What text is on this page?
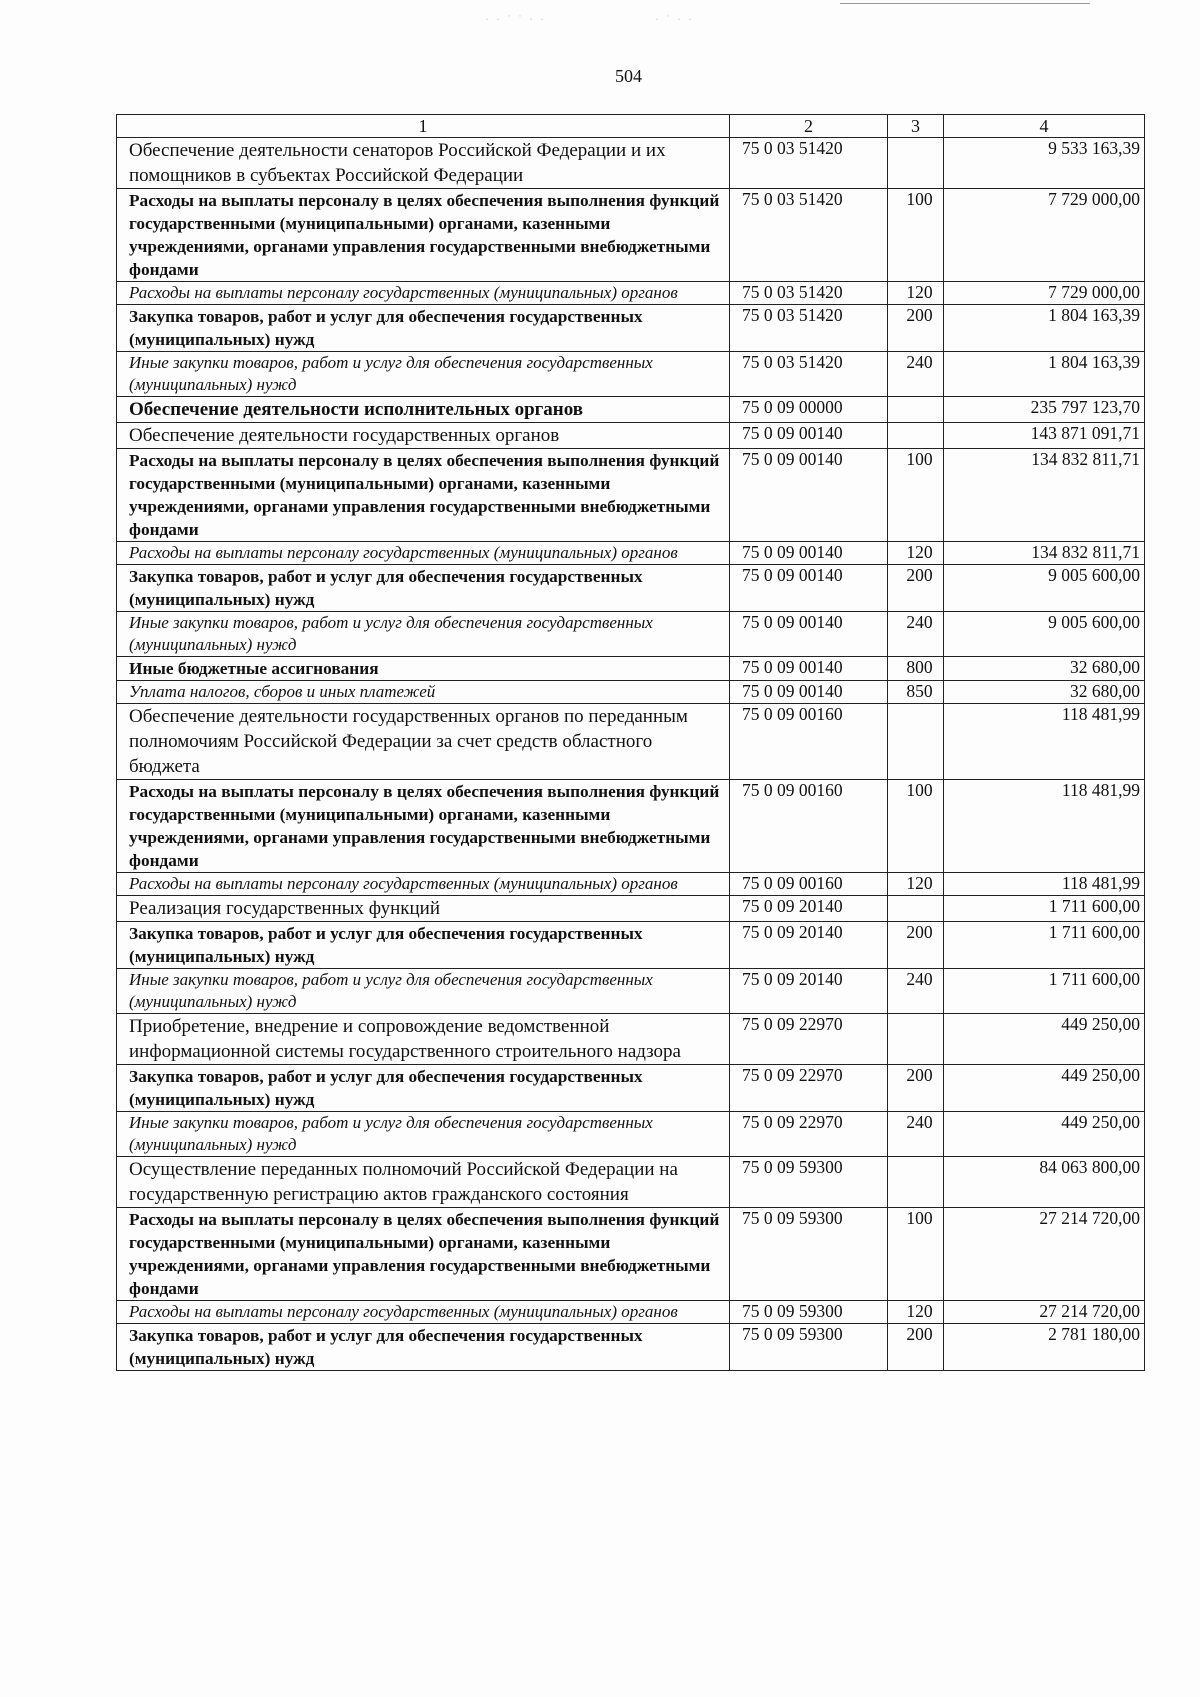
· · ˙ ˙ · ·	· ˙ · ·
504
1	2	3	4
Обеспечение деятельности сенаторов Российской Федерации и их помощников в субъектах Российской Федерации	75 0 03 51420		9 533 163,39
Расходы на выплаты персоналу в целях обеспечения выполнения функций государственными (муниципальными) органами, казенными учреждениями, органами управления государственными внебюджетными фондами	75 0 03 51420	100	7 729 000,00
Расходы на выплаты персоналу государственных (муниципальных) органов	75 0 03 51420	120	7 729 000,00
Закупка товаров, работ и услуг для обеспечения государственных (муниципальных) нужд	75 0 03 51420	200	1 804 163,39
Иные закупки товаров, работ и услуг для обеспечения государственных (муниципальных) нужд	75 0 03 51420	240	1 804 163,39
Обеспечение деятельности исполнительных органов	75 0 09 00000		235 797 123,70
Обеспечение деятельности государственных органов	75 0 09 00140		143 871 091,71
Расходы на выплаты персоналу в целях обеспечения выполнения функций государственными (муниципальными) органами, казенными учреждениями, органами управления государственными внебюджетными фондами	75 0 09 00140	100	134 832 811,71
Расходы на выплаты персоналу государственных (муниципальных) органов	75 0 09 00140	120	134 832 811,71
Закупка товаров, работ и услуг для обеспечения государственных (муниципальных) нужд	75 0 09 00140	200	9 005 600,00
Иные закупки товаров, работ и услуг для обеспечения государственных (муниципальных) нужд	75 0 09 00140	240	9 005 600,00
Иные бюджетные ассигнования	75 0 09 00140	800	32 680,00
Уплата налогов, сборов и иных платежей	75 0 09 00140	850	32 680,00
Обеспечение деятельности государственных органов по переданным полномочиям Российской Федерации за счет средств областного бюджета	75 0 09 00160		118 481,99
Расходы на выплаты персоналу в целях обеспечения выполнения функций государственными (муниципальными) органами, казенными учреждениями, органами управления государственными внебюджетными фондами	75 0 09 00160	100	118 481,99
Расходы на выплаты персоналу государственных (муниципальных) органов	75 0 09 00160	120	118 481,99
Реализация государственных функций	75 0 09 20140		1 711 600,00
Закупка товаров, работ и услуг для обеспечения государственных (муниципальных) нужд	75 0 09 20140	200	1 711 600,00
Иные закупки товаров, работ и услуг для обеспечения государственных (муниципальных) нужд	75 0 09 20140	240	1 711 600,00
Приобретение, внедрение и сопровождение ведомственной информационной системы государственного строительного надзора	75 0 09 22970		449 250,00
Закупка товаров, работ и услуг для обеспечения государственных (муниципальных) нужд	75 0 09 22970	200	449 250,00
Иные закупки товаров, работ и услуг для обеспечения государственных (муниципальных) нужд	75 0 09 22970	240	449 250,00
Осуществление переданных полномочий Российской Федерации на государственную регистрацию актов гражданского состояния	75 0 09 59300		84 063 800,00
Расходы на выплаты персоналу в целях обеспечения выполнения функций государственными (муниципальными) органами, казенными учреждениями, органами управления государственными внебюджетными фондами	75 0 09 59300	100	27 214 720,00
Расходы на выплаты персоналу государственных (муниципальных) органов	75 0 09 59300	120	27 214 720,00
Закупка товаров, работ и услуг для обеспечения государственных (муниципальных) нужд	75 0 09 59300	200	2 781 180,00
